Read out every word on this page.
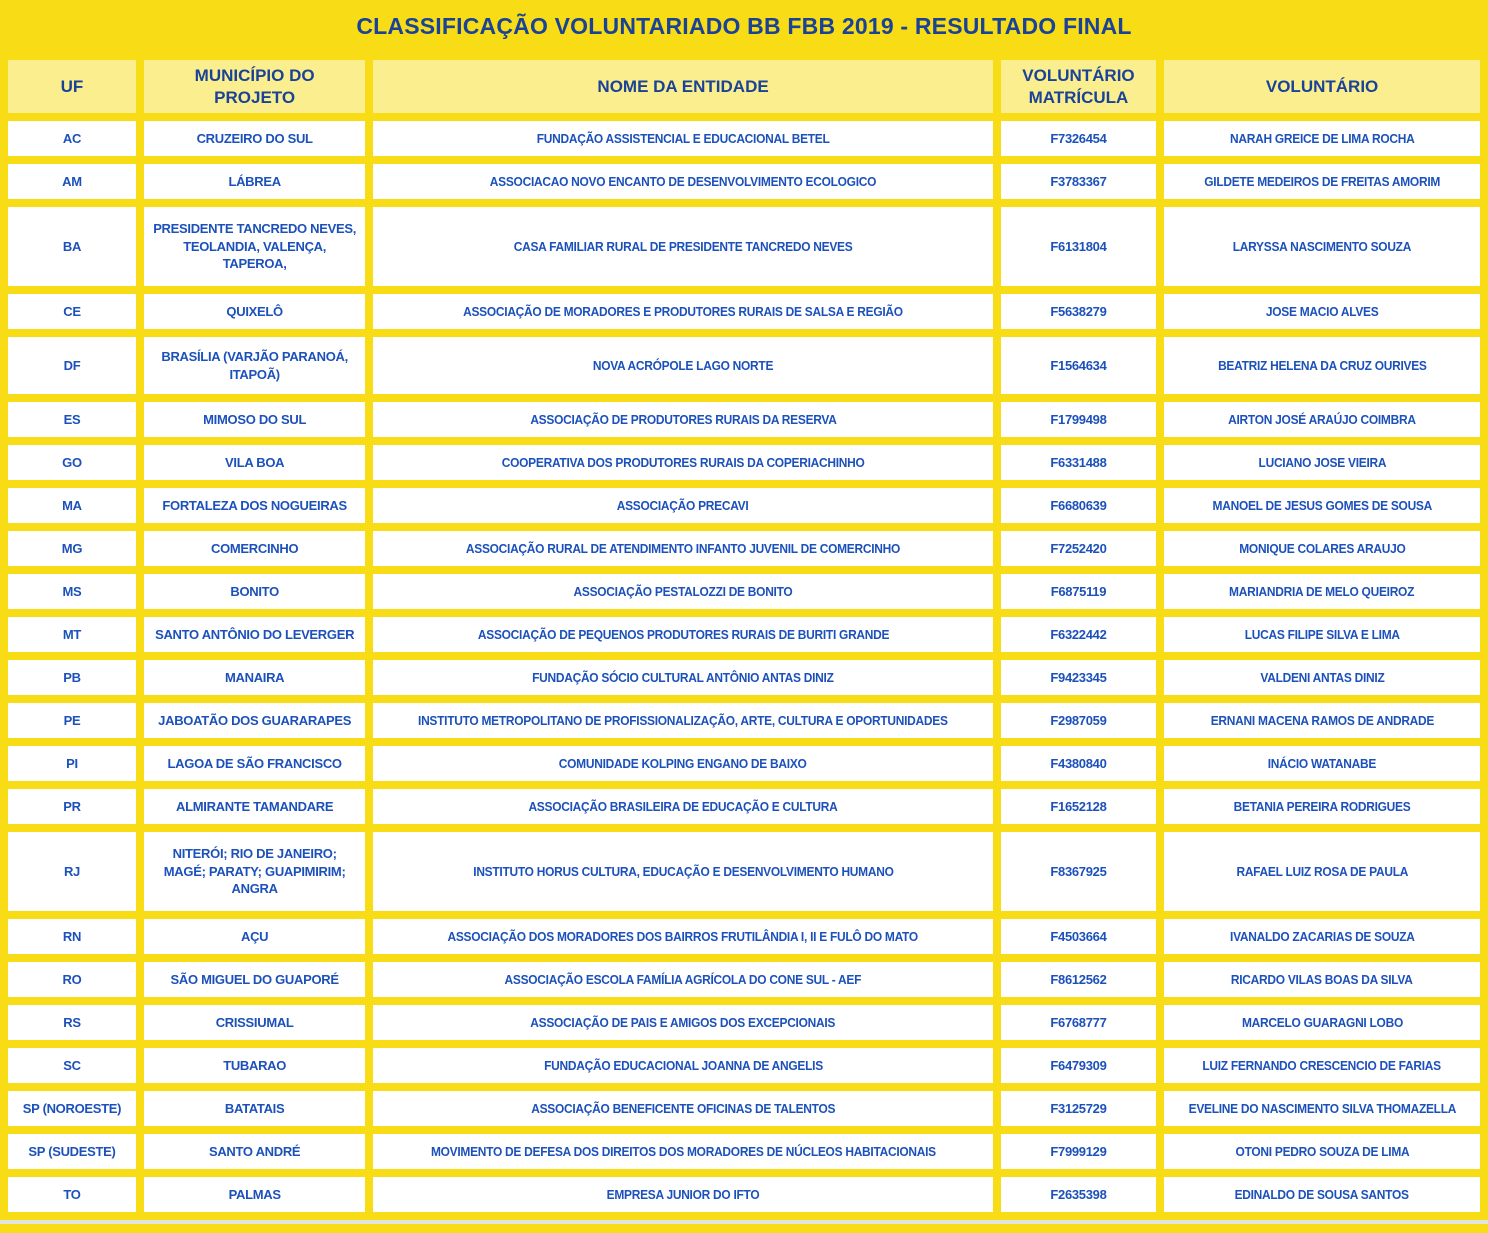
CLASSIFICAÇÃO VOLUNTARIADO BB FBB 2019 - RESULTADO FINAL
UF	MUNICÍPIO DO PROJETO	NOME DA ENTIDADE	VOLUNTÁRIO MATRÍCULA	VOLUNTÁRIO
AC	CRUZEIRO DO SUL	FUNDAÇÃO ASSISTENCIAL E EDUCACIONAL BETEL	F7326454	NARAH GREICE DE LIMA ROCHA
AM	LÁBREA	ASSOCIACAO NOVO ENCANTO DE DESENVOLVIMENTO ECOLOGICO	F3783367	GILDETE MEDEIROS DE FREITAS AMORIM
BA	PRESIDENTE TANCREDO NEVES, TEOLANDIA, VALENÇA, TAPEROA,	CASA FAMILIAR RURAL DE PRESIDENTE TANCREDO NEVES	F6131804	LARYSSA NASCIMENTO SOUZA
CE	QUIXELÔ	ASSOCIAÇÃO DE MORADORES E PRODUTORES RURAIS DE SALSA E REGIÃO	F5638279	JOSE MACIO ALVES
DF	BRASÍLIA (VARJÃO PARANOÁ, ITAPOÃ)	NOVA ACRÓPOLE LAGO NORTE	F1564634	BEATRIZ HELENA DA CRUZ OURIVES
ES	MIMOSO DO SUL	ASSOCIAÇÃO DE PRODUTORES RURAIS DA RESERVA	F1799498	AIRTON JOSÉ ARAÚJO COIMBRA
GO	VILA BOA	COOPERATIVA DOS PRODUTORES RURAIS DA COPERIACHINHO	F6331488	LUCIANO JOSE VIEIRA
MA	FORTALEZA DOS NOGUEIRAS	ASSOCIAÇÃO PRECAVI	F6680639	MANOEL DE JESUS GOMES DE SOUSA
MG	COMERCINHO	ASSOCIAÇÃO RURAL DE ATENDIMENTO INFANTO JUVENIL DE COMERCINHO	F7252420	MONIQUE COLARES ARAUJO
MS	BONITO	ASSOCIAÇÃO PESTALOZZI DE BONITO	F6875119	MARIANDRIA DE MELO QUEIROZ
MT	SANTO ANTÔNIO DO LEVERGER	ASSOCIAÇÃO DE PEQUENOS PRODUTORES RURAIS DE BURITI GRANDE	F6322442	LUCAS FILIPE SILVA E LIMA
PB	MANAIRA	FUNDAÇÃO SÓCIO CULTURAL ANTÔNIO ANTAS DINIZ	F9423345	VALDENI ANTAS DINIZ
PE	JABOATÃO DOS GUARARAPES	INSTITUTO METROPOLITANO DE PROFISSIONALIZAÇÃO, ARTE, CULTURA E OPORTUNIDADES	F2987059	ERNANI MACENA RAMOS DE ANDRADE
PI	LAGOA DE SÃO FRANCISCO	COMUNIDADE KOLPING ENGANO DE BAIXO	F4380840	INÁCIO WATANABE
PR	ALMIRANTE TAMANDARE	ASSOCIAÇÃO BRASILEIRA DE EDUCAÇÃO E CULTURA	F1652128	BETANIA PEREIRA RODRIGUES
RJ	NITERÓI; RIO DE JANEIRO; MAGÉ; PARATY; GUAPIMIRIM; ANGRA	INSTITUTO HORUS CULTURA, EDUCAÇÃO E DESENVOLVIMENTO HUMANO	F8367925	RAFAEL LUIZ ROSA DE PAULA
RN	AÇU	ASSOCIAÇÃO DOS MORADORES DOS BAIRROS FRUTILÂNDIA I, II E FULÔ DO MATO	F4503664	IVANALDO ZACARIAS DE SOUZA
RO	SÃO MIGUEL DO GUAPORÉ	ASSOCIAÇÃO ESCOLA FAMÍLIA AGRÍCOLA DO CONE SUL - AEF	F8612562	RICARDO VILAS BOAS DA SILVA
RS	CRISSIUMAL	ASSOCIAÇÃO DE PAIS E AMIGOS DOS EXCEPCIONAIS	F6768777	MARCELO GUARAGNI LOBO
SC	TUBARAO	FUNDAÇÃO EDUCACIONAL JOANNA DE ANGELIS	F6479309	LUIZ FERNANDO CRESCENCIO DE FARIAS
SP (NOROESTE)	BATATAIS	ASSOCIAÇÃO BENEFICENTE OFICINAS DE TALENTOS	F3125729	EVELINE DO NASCIMENTO SILVA THOMAZELLA
SP (SUDESTE)	SANTO ANDRÉ	MOVIMENTO DE DEFESA DOS DIREITOS DOS MORADORES DE NÚCLEOS HABITACIONAIS	F7999129	OTONI PEDRO SOUZA DE LIMA
TO	PALMAS	EMPRESA JUNIOR DO IFTO	F2635398	EDINALDO DE SOUSA SANTOS
